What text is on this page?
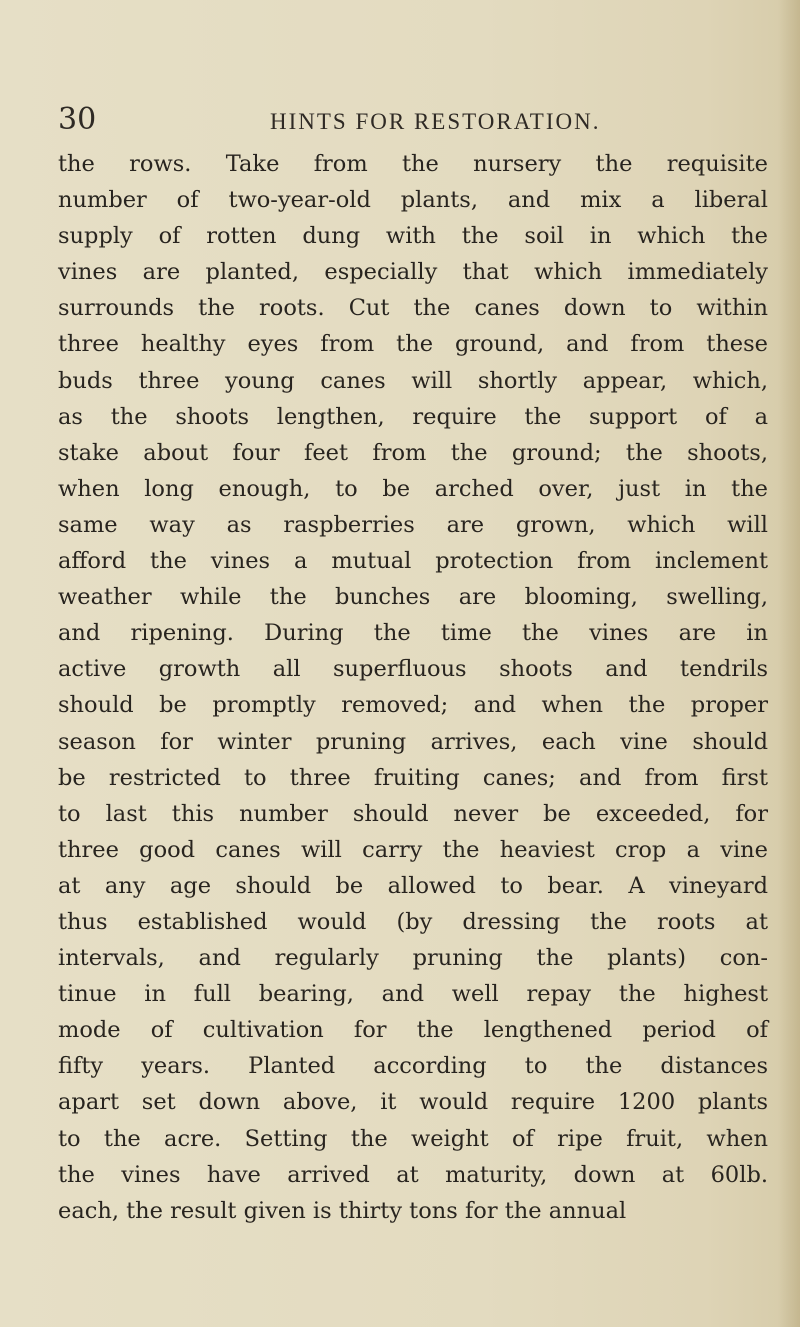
30	HINTS FOR RESTORATION.
the rows. Take from the nursery the requisite
number of two-year-old plants, and mix a liberal
supply of rotten dung with the soil in which the
vines are planted, especially that which immediately
surrounds the roots. Cut the canes down to within
three healthy eyes from the ground, and from these
buds three young canes will shortly appear, which,
as the shoots lengthen, require the support of a
stake about four feet from the ground; the shoots,
when long enough, to be arched over, just in the
same way as raspberries are grown, which will
afford the vines a mutual protection from inclement
weather while the bunches are blooming, swelling,
and ripening. During the time the vines are in
active growth all superfluous shoots and tendrils
should be promptly removed; and when the proper
season for winter pruning arrives, each vine should
be restricted to three fruiting canes; and from first
to last this number should never be exceeded, for
three good canes will carry the heaviest crop a vine
at any age should be allowed to bear. A vineyard
thus established would (by dressing the roots at
intervals, and regularly pruning the plants) con-
tinue in full bearing, and well repay the highest
mode of cultivation for the lengthened period of
fifty years. Planted according to the distances
apart set down above, it would require 1200 plants
to the acre. Setting the weight of ripe fruit, when
the vines have arrived at maturity, down at 60lb.
each, the result given is thirty tons for the annual
